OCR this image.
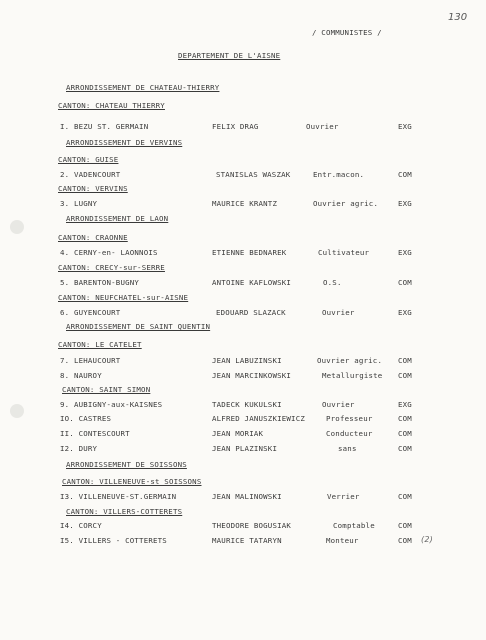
130
/ COMMUNISTES /
DEPARTEMENT DE L'AISNE
ARRONDISSEMENT DE CHATEAU-THIERRY
ARRONDISSEMENT DE VERVINS
ARRONDISSEMENT DE LAON
ARRONDISSEMENT DE SAINT QUENTIN
ARRONDISSEMENT DE SOISSONS
CANTON: CHATEAU THIERRY
CANTON: GUISE
CANTON: VERVINS
CANTON: CRAONNE
CANTON: CRECY-sur-SERRE
CANTON: NEUFCHATEL-sur-AISNE
CANTON: LE CATELET
CANTON: SAINT SIMON
CANTON: VILLENEUVE-st SOISSONS
CANTON: VILLERS-COTTERETS
I. BEZU ST. GERMAIN	FELIX DRAG	Ouvrier	EXG
2. VADENCOURT	STANISLAS WASZAK	Entr.macon.	COM
3. LUGNY	MAURICE KRANTZ	Ouvrier agric.	EXG
4. CERNY-en- LAONNOIS	ETIENNE BEDNAREK	Cultivateur	EXG
5. BARENTON-BUGNY	ANTOINE KAFLOWSKI	O.S.	COM
6. GUYENCOURT	EDOUARD SLAZACK	Ouvrier	EXG
7. LEHAUCOURT	JEAN LABUZINSKI	Ouvrier agric. COM
8. NAUROY	JEAN MARCINKOWSKI	Metallurgiste COM
9. AUBIGNY-aux-KAISNES	TADECK KUKULSKI	Ouvrier	EXG
IO. CASTRES	ALFRED JANUSZKIEWICZ	Professeur	COM
II. CONTESCOURT	JEAN MORIAK	Conducteur	COM
I2. DURY	JEAN PLAZINSKI	sans	COM
I3. VILLENEUVE-ST.GERMAIN	JEAN MALINOWSKI	Verrier	COM
I4. CORCY	THEODORE BOGUSIAK	Comptable	COM
I5. VILLERS - COTTERETS	MAURICE TATARYN	Monteur	COM (2)
